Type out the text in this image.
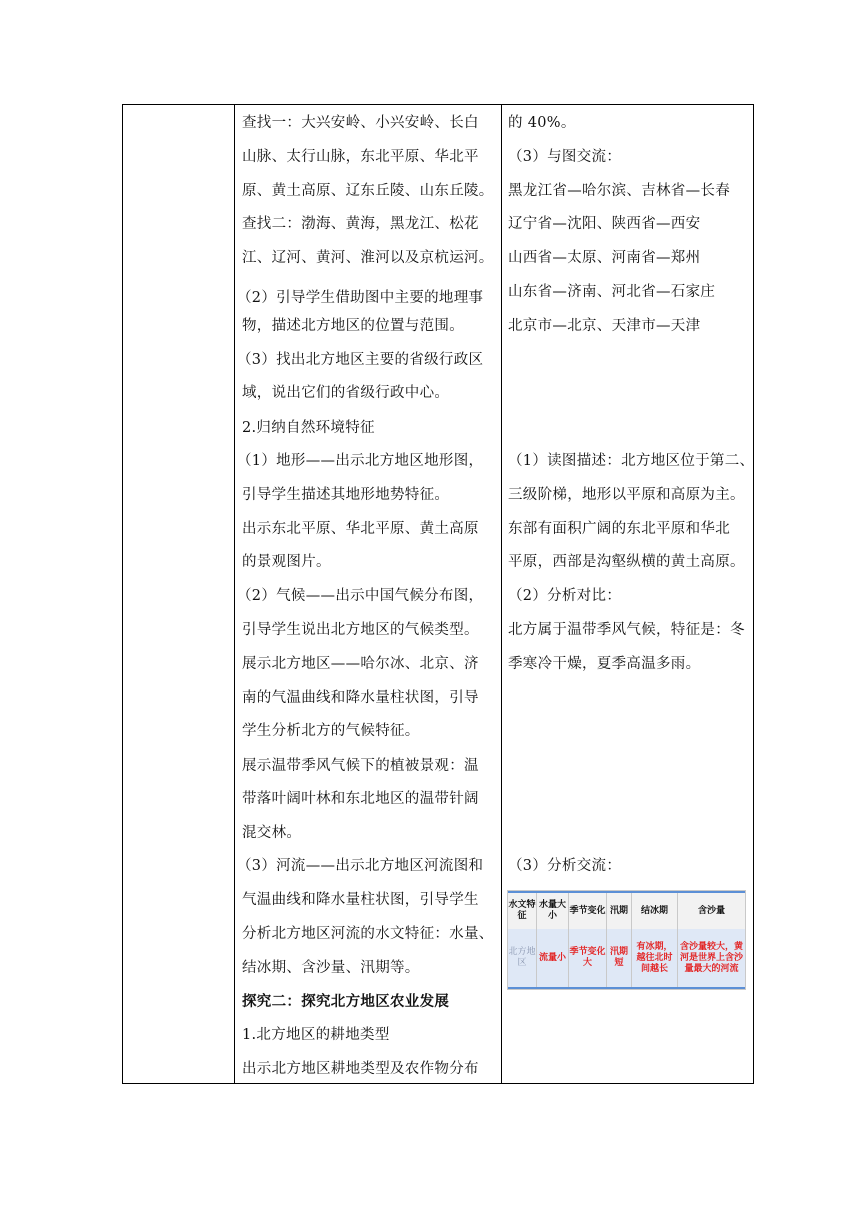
查找一：大兴安岭、小兴安岭、长白
山脉、太行山脉，东北平原、华北平
原、黄土高原、辽东丘陵、山东丘陵。
查找二：渤海、黄海，黑龙江、松花
江、辽河、黄河、淮河以及京杭运河。
（2）引导学生借助图中主要的地理事
物，描述北方地区的位置与范围。
（3）找出北方地区主要的省级行政区
域，说出它们的省级行政中心。
2.归纳自然环境特征
（1）地形——出示北方地区地形图，
引导学生描述其地形地势特征。
出示东北平原、华北平原、黄土高原
的景观图片。
（2）气候——出示中国气候分布图，
引导学生说出北方地区的气候类型。
展示北方地区——哈尔冰、北京、济
南的气温曲线和降水量柱状图，引导
学生分析北方的气候特征。
展示温带季风气候下的植被景观：温
带落叶阔叶林和东北地区的温带针阔
混交林。
（3）河流——出示北方地区河流图和
气温曲线和降水量柱状图，引导学生
分析北方地区河流的水文特征：水量、
结冰期、含沙量、汛期等。
探究二：探究北方地区农业发展
1.北方地区的耕地类型
出示北方地区耕地类型及农作物分布
的 40%。
（3）与图交流：
黑龙江省—哈尔滨、吉林省—长春
辽宁省—沈阳、陕西省—西安
山西省—太原、河南省—郑州
山东省—济南、河北省—石家庄
北京市—北京、天津市—天津
（1）读图描述：北方地区位于第二、
三级阶梯，地形以平原和高原为主。
东部有面积广阔的东北平原和华北
平原，西部是沟壑纵横的黄土高原。
（2）分析对比：
北方属于温带季风气候，特征是：冬
季寒冷干燥，夏季高温多雨。
（3）分析交流：
水文特征
水量大小
季节变化 汛期	结冰期	含沙量
北方地区
流量小
季节变化大
汛期短
有冰期，越往北时间越长
含沙量较大，黄河是世界上含沙量最大的河流
